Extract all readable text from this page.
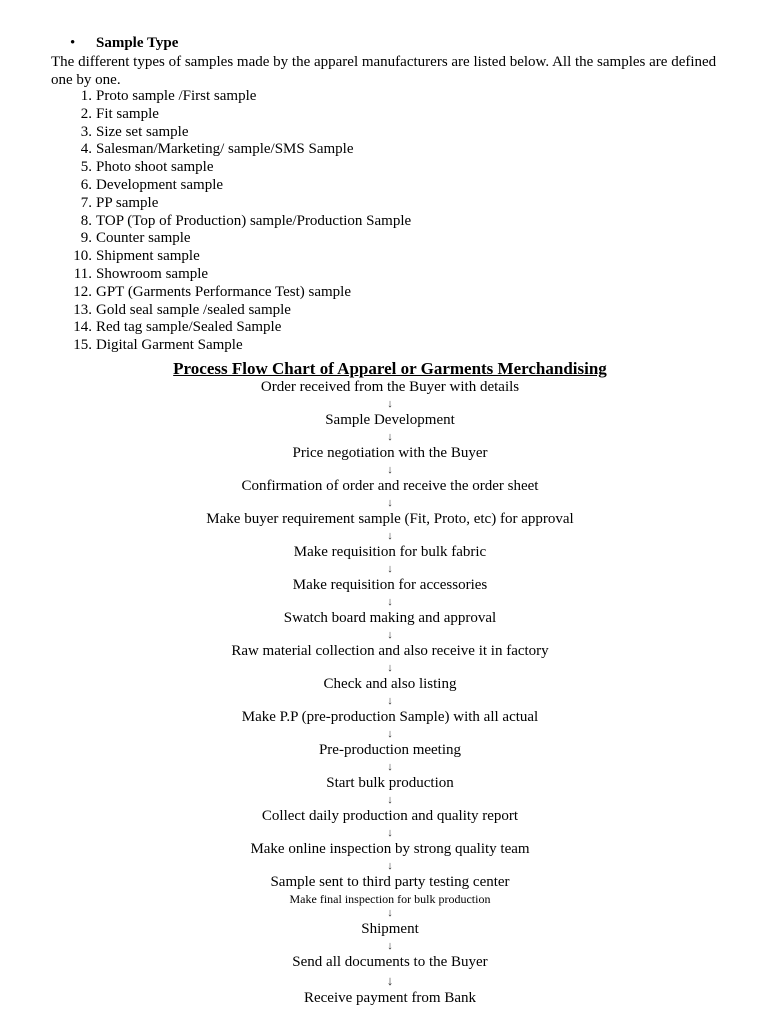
• Sample Type
The different types of samples made by the apparel manufacturers are listed below. All the samples are defined one by one.
1. Proto sample /First sample
2. Fit sample
3. Size set sample
4. Salesman/Marketing/ sample/SMS Sample
5. Photo shoot sample
6. Development sample
7. PP sample
8. TOP (Top of Production) sample/Production Sample
9. Counter sample
10. Shipment sample
11. Showroom sample
12. GPT (Garments Performance Test) sample
13. Gold seal sample /sealed sample
14. Red tag sample/Sealed Sample
15. Digital Garment Sample
Process Flow Chart of Apparel or Garments Merchandising
Order received from the Buyer with details
↓
Sample Development
↓
Price negotiation with the Buyer
↓
Confirmation of order and receive the order sheet
↓
Make buyer requirement sample (Fit, Proto, etc) for approval
↓
Make requisition for bulk fabric
↓
Make requisition for accessories
↓
Swatch board making and approval
↓
Raw material collection and also receive it in factory
↓
Check and also listing
↓
Make P.P (pre-production Sample) with all actual
↓
Pre-production meeting
↓
Start bulk production
↓
Collect daily production and quality report
↓
Make online inspection by strong quality team
↓
Sample sent to third party testing center
Make final inspection for bulk production
↓
Shipment
↓
Send all documents to the Buyer
↓
Receive payment from Bank
